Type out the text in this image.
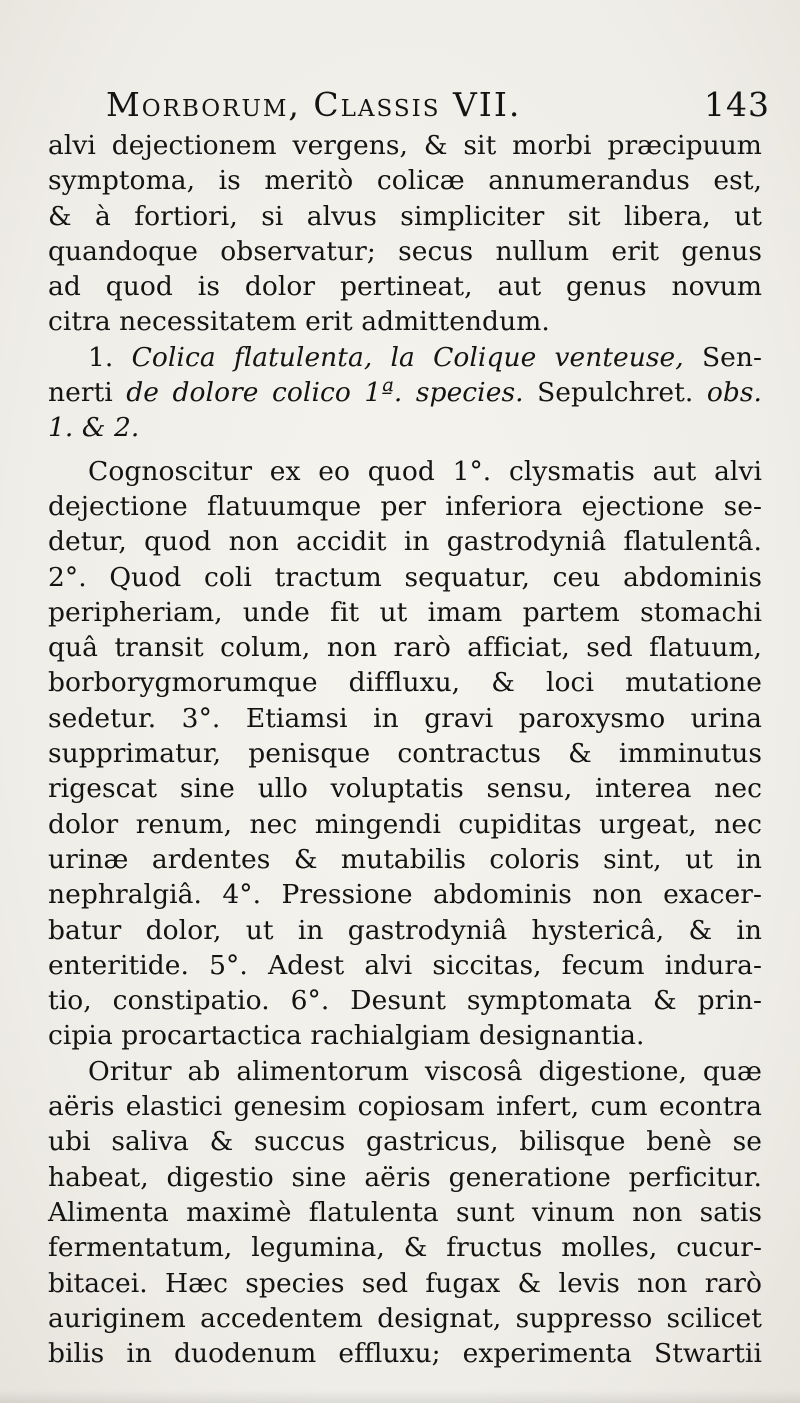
Morborum, Classis VII.	143
alvi dejectionem vergens, & sit morbi præcipuum
symptoma, is meritò colicæ annumerandus est,
& à fortiori, si alvus simpliciter sit libera, ut
quandoque observatur; secus nullum erit genus
ad quod is dolor pertineat, aut genus novum
citra necessitatem erit admittendum.
1. Colica flatulenta, la Colique venteuse, Sen-
nerti de dolore colico 1ª. species. Sepulchret. obs.
1. & 2.
Cognoscitur ex eo quod 1°. clysmatis aut alvi
dejectione flatuumque per inferiora ejectione se-
detur, quod non accidit in gastrodyniâ flatulentâ.
2°. Quod coli tractum sequatur, ceu abdominis
peripheriam, unde fit ut imam partem stomachi
quâ transit colum, non rarò afficiat, sed flatuum,
borborygmorumque diffluxu, & loci mutatione
sedetur. 3°. Etiamsi in gravi paroxysmo urina
supprimatur, penisque contractus & imminutus
rigescat sine ullo voluptatis sensu, interea nec
dolor renum, nec mingendi cupiditas urgeat, nec
urinæ ardentes & mutabilis coloris sint, ut in
nephralgiâ. 4°. Pressione abdominis non exacer-
batur dolor, ut in gastrodyniâ hystericâ, & in
enteritide. 5°. Adest alvi siccitas, fecum indura-
tio, constipatio. 6°. Desunt symptomata & prin-
cipia procartactica rachialgiam designantia.
Oritur ab alimentorum viscosâ digestione, quæ
aëris elastici genesim copiosam infert, cum econtra
ubi saliva & succus gastricus, bilisque benè se
habeat, digestio sine aëris generatione perficitur.
Alimenta maximè flatulenta sunt vinum non satis
fermentatum, legumina, & fructus molles, cucur-
bitacei. Hæc species sed fugax & levis non rarò
auriginem accedentem designat, suppresso scilicet
bilis in duodenum effluxu; experimenta Stwartii
